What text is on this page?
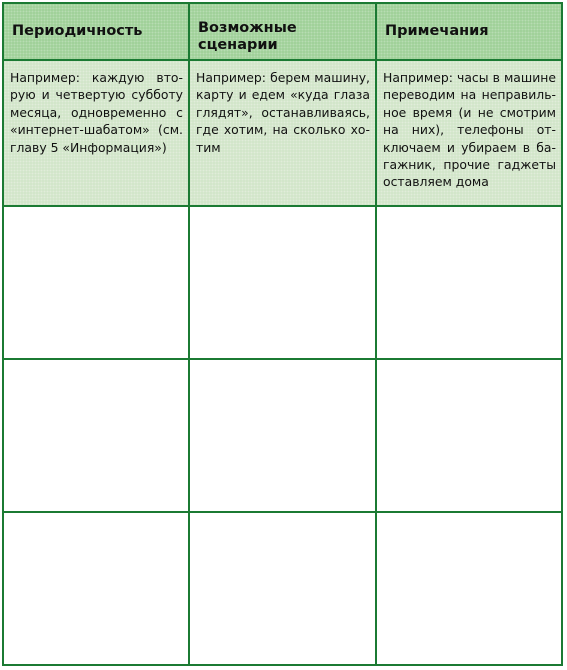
Периодичность	Возможные сценарии
Примечания
Например: каждую вторую и четвертую субботу месяца, одновременно с «интернет-шабатом» (см. главу 5 «Информация»)
Например: берем машину, карту и едем «куда глаза глядят», останавливаясь, где хотим, на сколько хотим
Например: часы в машине переводим на неправильное время (и не смотрим на них), телефоны отключаем и убираем в багажник, прочие гаджеты оставляем дома
